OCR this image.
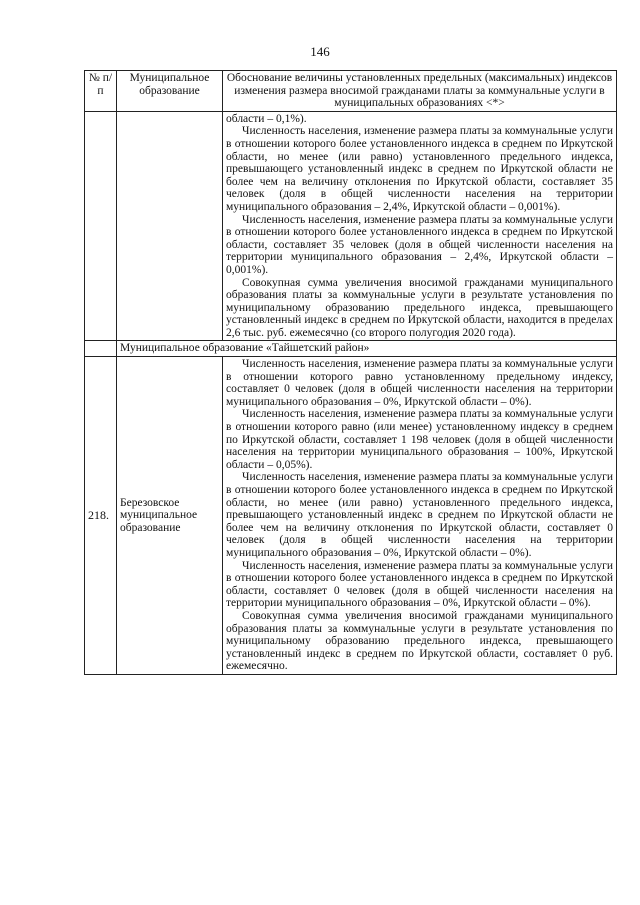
146
№ п/п	Муниципальное образование	Обоснование величины установленных предельных (максимальных) индексов изменения размера вносимой гражданами платы за коммунальные услуги в муниципальных образованиях <*>

		области – 0,1%).

Численность населения, изменение размера платы за коммунальные услуги в отношении которого более установленного индекса в среднем по Иркутской области, но менее (или равно) установленного предельного индекса, превышающего установленный индекс в среднем по Иркутской области не более чем на величину отклонения по Иркутской области, составляет 35 человек (доля в общей численности населения на территории муниципального образования – 2,4%, Иркутской области – 0,001%).

Численность населения, изменение размера платы за коммунальные услуги в отношении которого более установленного индекса в среднем по Иркутской области, составляет 35 человек (доля в общей численности населения на территории муниципального образования – 2,4%, Иркутской области – 0,001%).

Совокупная сумма увеличения вносимой гражданами муниципального образования платы за коммунальные услуги в результате установления по муниципальному образованию предельного индекса, превышающего установленный индекс в среднем по Иркутской области, находится в пределах 2,6 тыс. руб. ежемесячно (со второго полугодия 2020 года).

	Муниципальное образование «Тайшетский район»	
218.	Березовское муниципальное образование	Численность населения, изменение размера платы за коммунальные услуги в отношении которого равно установленному предельному индексу, составляет 0 человек (доля в общей численности населения на территории муниципального образования – 0%, Иркутской области – 0%).

Численность населения, изменение размера платы за коммунальные услуги в отношении которого равно (или менее) установленному индексу в среднем по Иркутской области, составляет 1 198 человек (доля в общей численности населения на территории муниципального образования – 100%, Иркутской области – 0,05%).

Численность населения, изменение размера платы за коммунальные услуги в отношении которого более установленного индекса в среднем по Иркутской области, но менее (или равно) установленного предельного индекса, превышающего установленный индекс в среднем по Иркутской области не более чем на величину отклонения по Иркутской области, составляет 0 человек (доля в общей численности населения на территории муниципального образования – 0%, Иркутской области – 0%).

Численность населения, изменение размера платы за коммунальные услуги в отношении которого более установленного индекса в среднем по Иркутской области, составляет 0 человек (доля в общей численности населения на территории муниципального образования – 0%, Иркутской области – 0%).

Совокупная сумма увеличения вносимой гражданами муниципального образования платы за коммунальные услуги в результате установления по муниципальному образованию предельного индекса, превышающего установленный индекс в среднем по Иркутской области, составляет 0 руб. ежемесячно.
